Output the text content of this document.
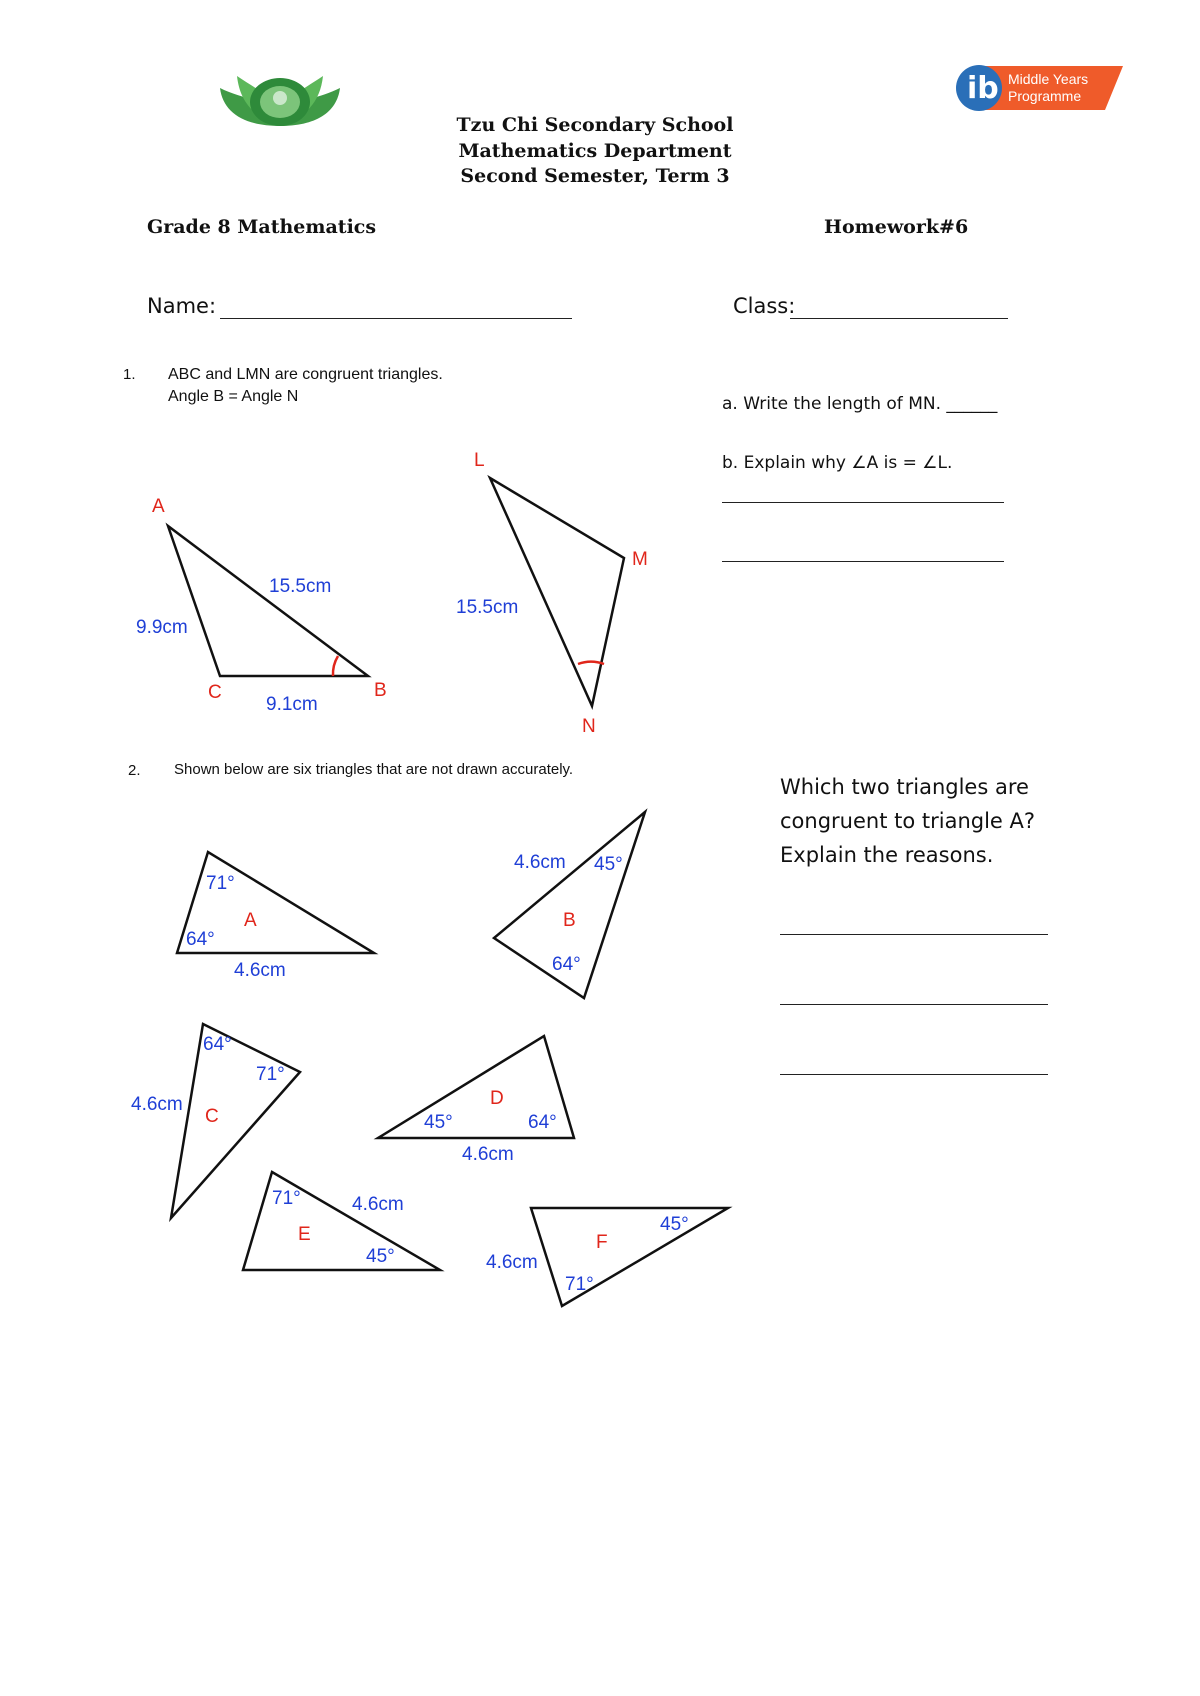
ib Middle Years
Programme
Tzu Chi Secondary School
Mathematics Department
Second Semester, Term 3
Grade 8 Mathematics	Homework#6
Name:	Class:
1. ABC and LMN are congruent triangles.
Angle B = Angle N	a. Write the length of MN. ______
b. Explain why ∠A is = ∠L.
A
C	B
15.5cm
9.9cm
9.1cm
L
M
N
15.5cm
2. Shown below are six triangles that are not drawn accurately.
Which two triangles are
congruent to triangle A?
Explain the reasons.
71°
64°
A
4.6cm
45°
64°
B
4.6cm
64°
71°
C
4.6cm
45°	64°
D
4.6cm
71°
45°
E
4.6cm
45°
71°
F
4.6cm
